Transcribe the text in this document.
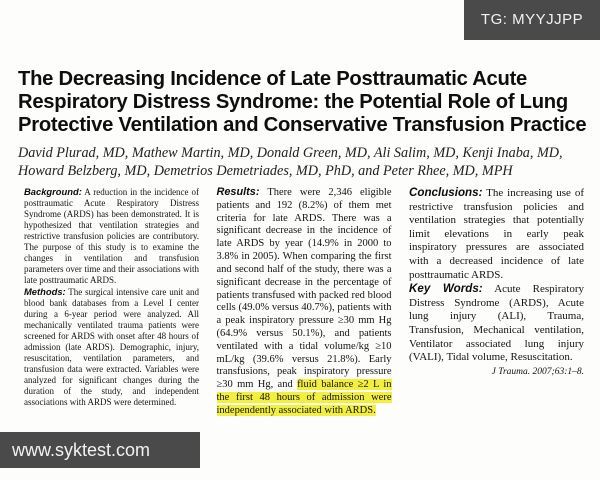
TG: MYYJJPP
The Decreasing Incidence of Late Posttraumatic Acute Respiratory Distress Syndrome: the Potential Role of Lung Protective Ventilation and Conservative Transfusion Practice

David Plurad, MD, Mathew Martin, MD, Donald Green, MD, Ali Salim, MD, Kenji Inaba, MD, Howard Belzberg, MD, Demetrios Demetriades, MD, PhD, and Peter Rhee, MD, MPH

Background: A reduction in the incidence of posttraumatic Acute Respiratory Distress Syndrome (ARDS) has been demonstrated. It is hypothesized that ventilation strategies and restrictive transfusion policies are contributory. The purpose of this study is to examine the changes in ventilation and transfusion parameters over time and their associations with late posttraumatic ARDS.

Methods: The surgical intensive care unit and blood bank databases from a Level I center during a 6-year period were analyzed. All mechanically ventilated trauma patients were screened for ARDS with onset after 48 hours of admission (late ARDS). Demographic, injury, resuscitation, ventilation parameters, and transfusion data were extracted. Variables were analyzed for significant changes during the duration of the study, and independent associations with ARDS were determined.

Results: There were 2,346 eligible patients and 192 (8.2%) of them met criteria for late ARDS. There was a significant decrease in the incidence of late ARDS by year (14.9% in 2000 to 3.8% in 2005). When comparing the first and second half of the study, there was a significant decrease in the percentage of patients transfused with packed red blood cells (49.0% versus 40.7%), patients with a peak inspiratory pressure ≥30 mm Hg (64.9% versus 50.1%), and patients ventilated with a tidal volume/kg ≥10 mL/kg (39.6% versus 21.8%). Early transfusions, peak inspiratory pressure ≥30 mm Hg, and fluid balance ≥2 L in the first 48 hours of admission were independently associated with ARDS.

Conclusions: The increasing use of restrictive transfusion policies and ventilation strategies that potentially limit elevations in early peak inspiratory pressures are associated with a decreased incidence of late posttraumatic ARDS.

Key Words: Acute Respiratory Distress Syndrome (ARDS), Acute lung injury (ALI), Trauma, Transfusion, Mechanical ventilation, Ventilator associated lung injury (VALI), Tidal volume, Resuscitation.

J Trauma. 2007;63:1–8.
www.syktest.com
